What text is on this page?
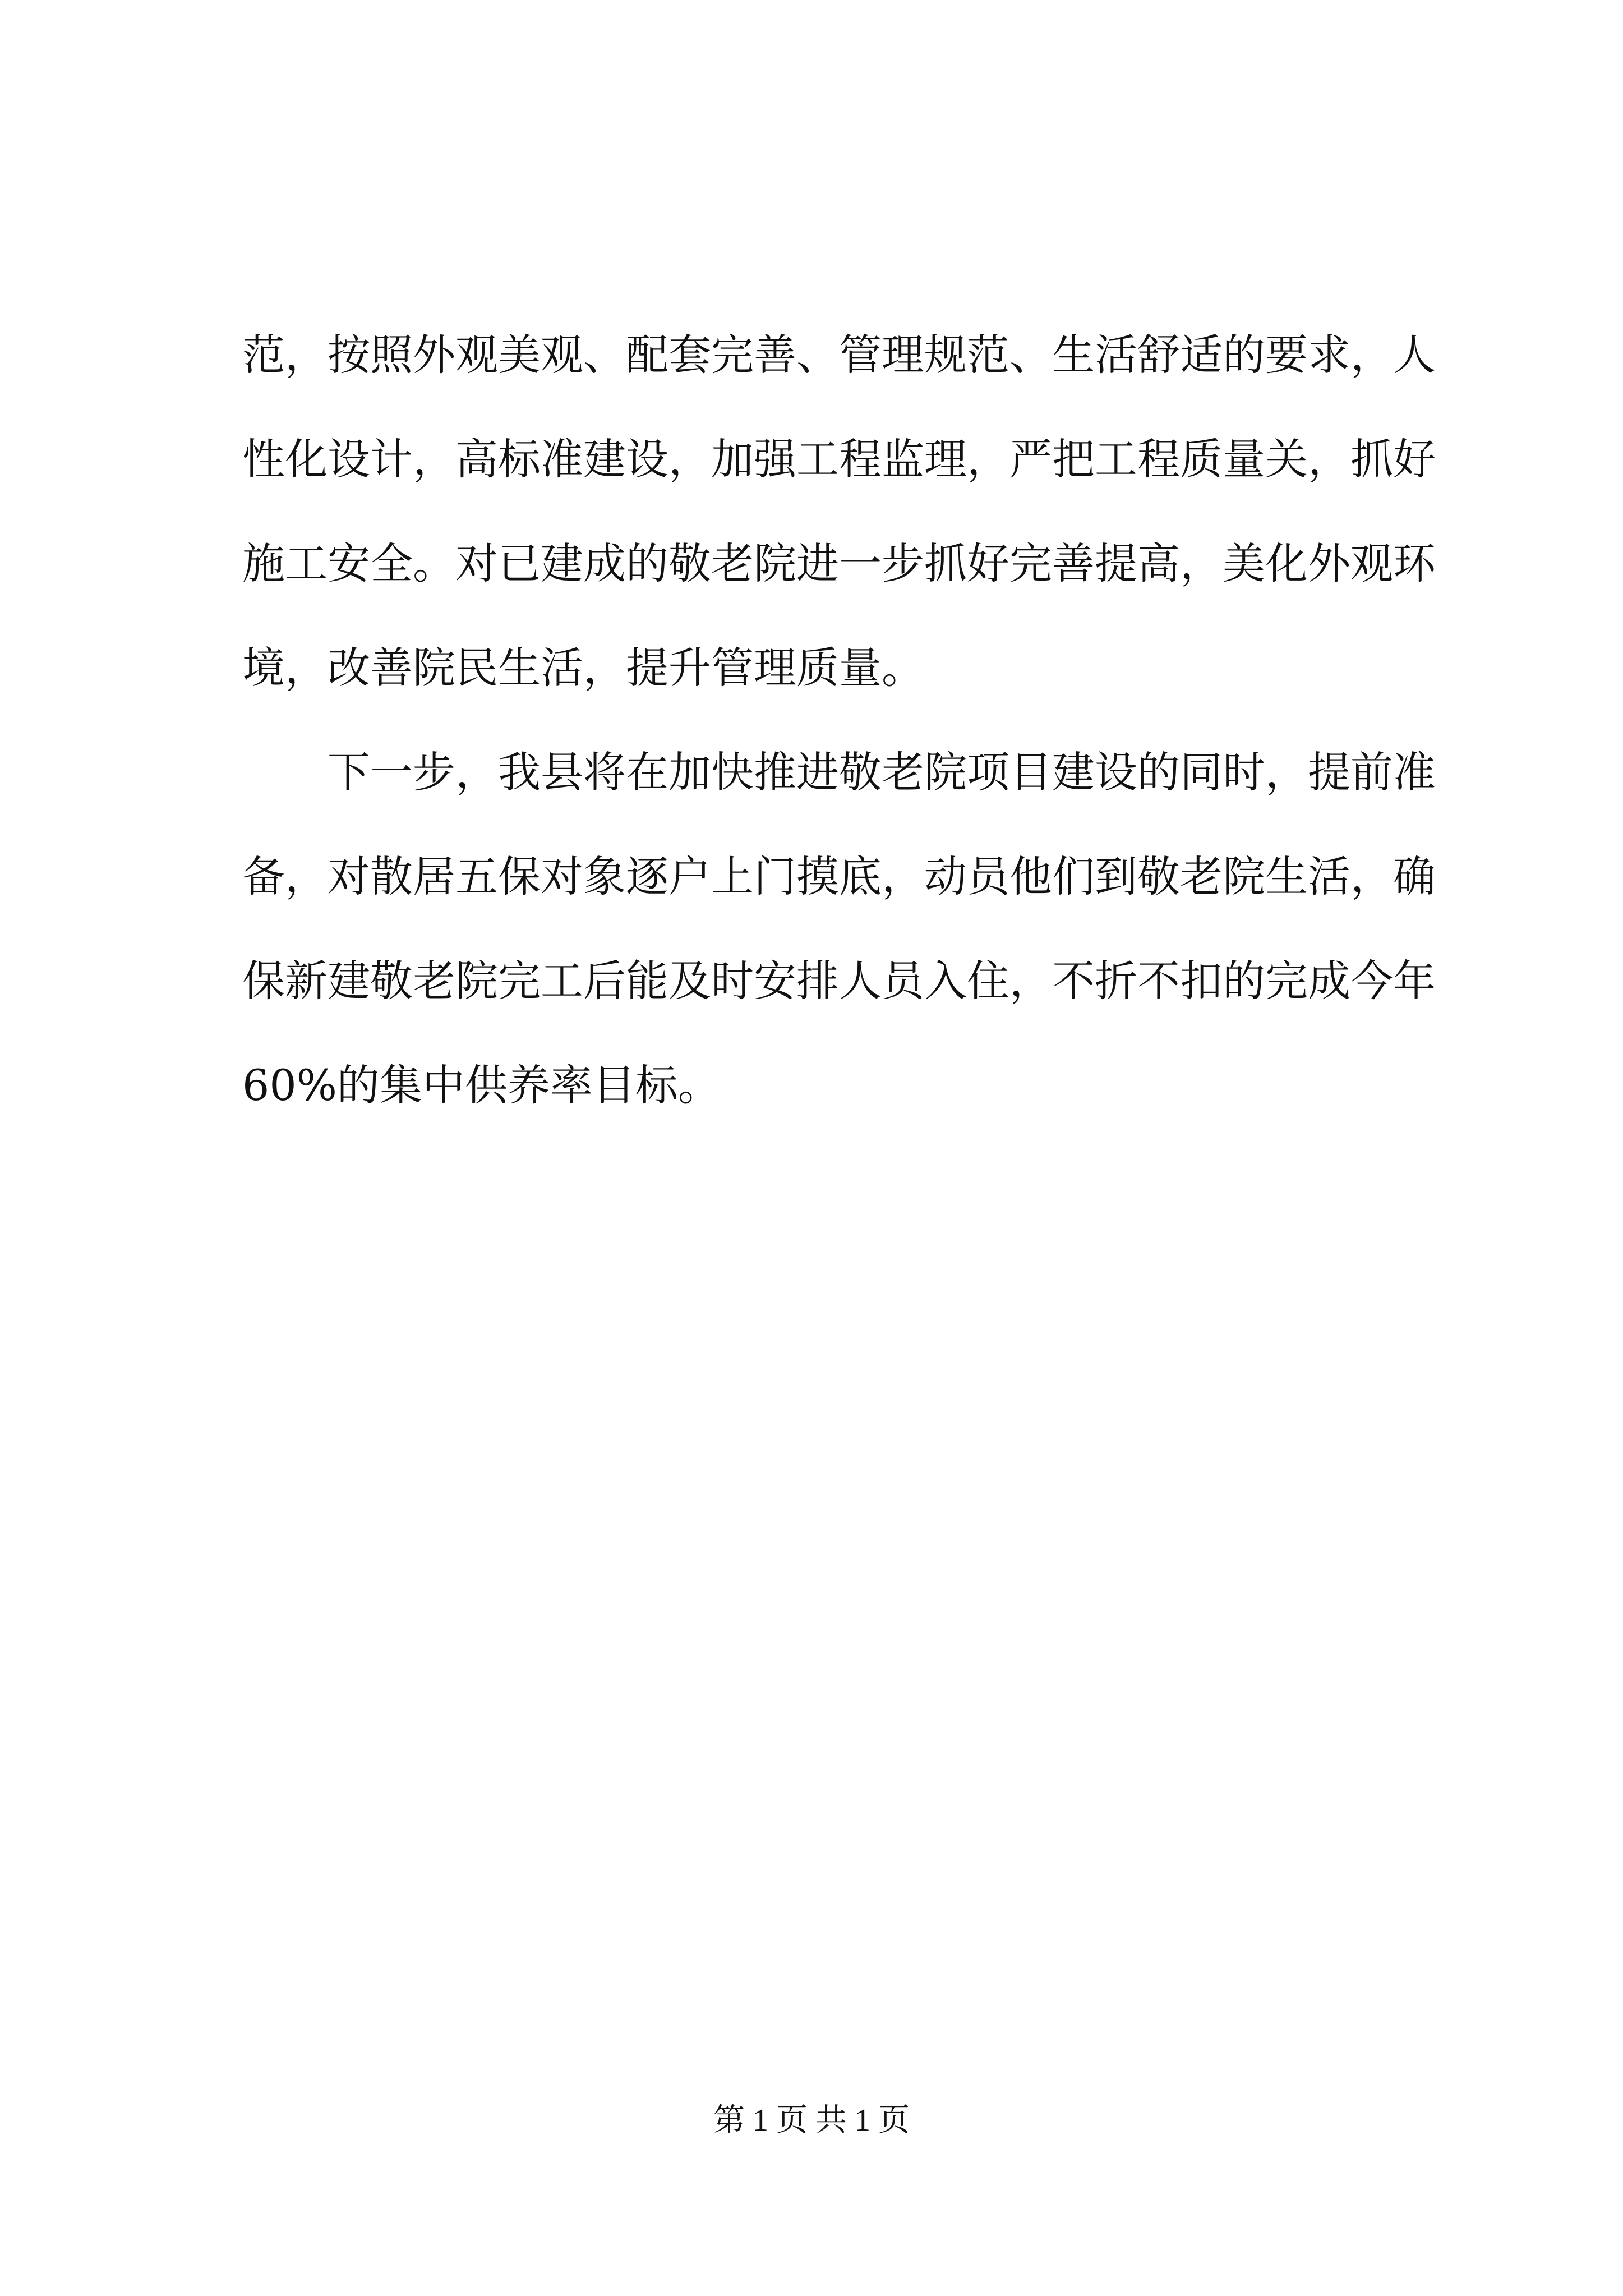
范，按照外观美观、配套完善、管理规范、生活舒适的要求，人
性化设计，高标准建设，加强工程监理，严把工程质量关，抓好
施工安全。对已建成的敬老院进一步抓好完善提高，美化外观环
境，改善院民生活，提升管理质量。
下一步，我县将在加快推进敬老院项目建设的同时，提前准
备，对散居五保对象逐户上门摸底，动员他们到敬老院生活，确
保新建敬老院完工后能及时安排人员入住，不折不扣的完成今年
60%的集中供养率目标。
第 1 页 共 1 页
